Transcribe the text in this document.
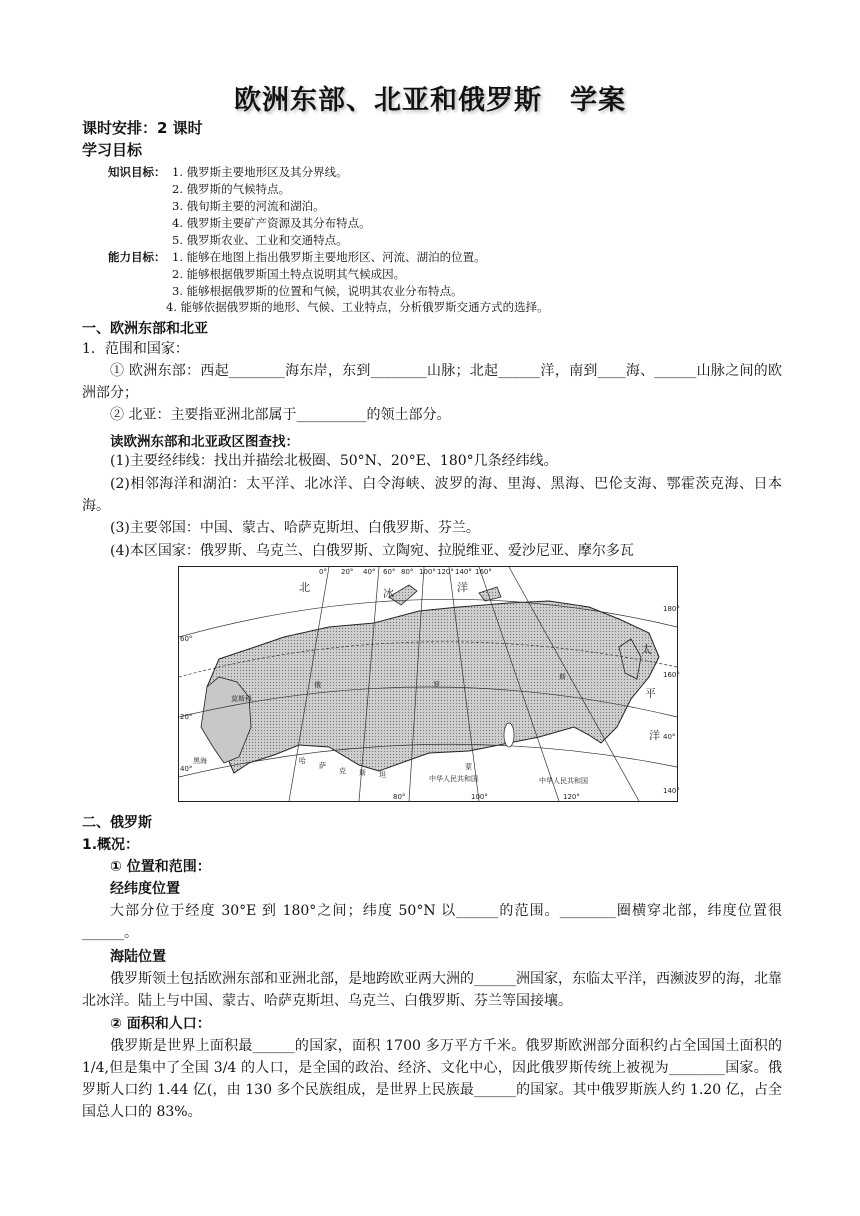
欧洲东部、北亚和俄罗斯　学案
课时安排：2 课时
学习目标
知识目标： 1. 俄罗斯主要地形区及其分界线。
2. 俄罗斯的气候特点。
3. 俄旬斯主要的河流和湖泊。
4. 俄罗斯主要矿产资源及其分布特点。
5. 俄罗斯农业、工业和交通特点。
能力目标： 1. 能够在地图上指出俄罗斯主要地形区、河流、湖泊的位置。
2. 能够根据俄罗斯国土特点说明其气候成因。
3. 能够根据俄罗斯的位置和气候，说明其农业分布特点。
4. 能够依据俄罗斯的地形、气候、工业特点，分析俄罗斯交通方式的选择。
一、欧洲东部和北亚
1．范围和国家：
① 欧洲东部：西起________海东岸，东到________山脉；北起______洋，南到____海、______山脉之间的欧洲部分；
② 北亚：主要指亚洲北部属于__________的领土部分。
读欧洲东部和北亚政区图查找：
(1)主要经纬线：找出并描绘北极圈、50°N、20°E、180°几条经纬线。
(2)相邻海洋和湖泊：太平洋、北冰洋、白令海峡、波罗的海、里海、黑海、巴伦支海、鄂霍茨克海、日本海。
(3)主要邻国：中国、蒙古、哈萨克斯坦、白俄罗斯、芬兰。
(4)本区国家：俄罗斯、乌克兰、白俄罗斯、立陶宛、拉脱维亚、爱沙尼亚、摩尔多瓦
0° 20° 40° 60° 80° 100° 120° 140° 160°
80°	100°	120°
60°
20°
40°
180°
160°
40°
140°
北	冰	洋
太
平
洋
俄	罗
斯
莫斯科
黑海	哈
萨
克 斯 坦
蒙
中华人民共和国	中华人民共和国
二、俄罗斯
1.概况：
① 位置和范围：
经纬度位置
大部分位于经度 30°E 到 180°之间；纬度 50°N 以______的范围。________圈横穿北部，纬度位置很______。
海陆位置
俄罗斯领土包括欧洲东部和亚洲北部，是地跨欧亚两大洲的______洲国家，东临太平洋，西濒波罗的海，北靠北冰洋。陆上与中国、蒙古、哈萨克斯坦、乌克兰、白俄罗斯、芬兰等国接壤。
② 面积和人口：
俄罗斯是世界上面积最______的国家，面积 1700 多万平方千米。俄罗斯欧洲部分面积约占全国国土面积的 1/4,但是集中了全国 3/4 的人口，是全国的政治、经济、文化中心，因此俄罗斯传统上被视为________国家。俄罗斯人口约 1.44 亿(，由 130 多个民族组成，是世界上民族最______的国家。其中俄罗斯族人约 1.20 亿，占全国总人口的 83%。
